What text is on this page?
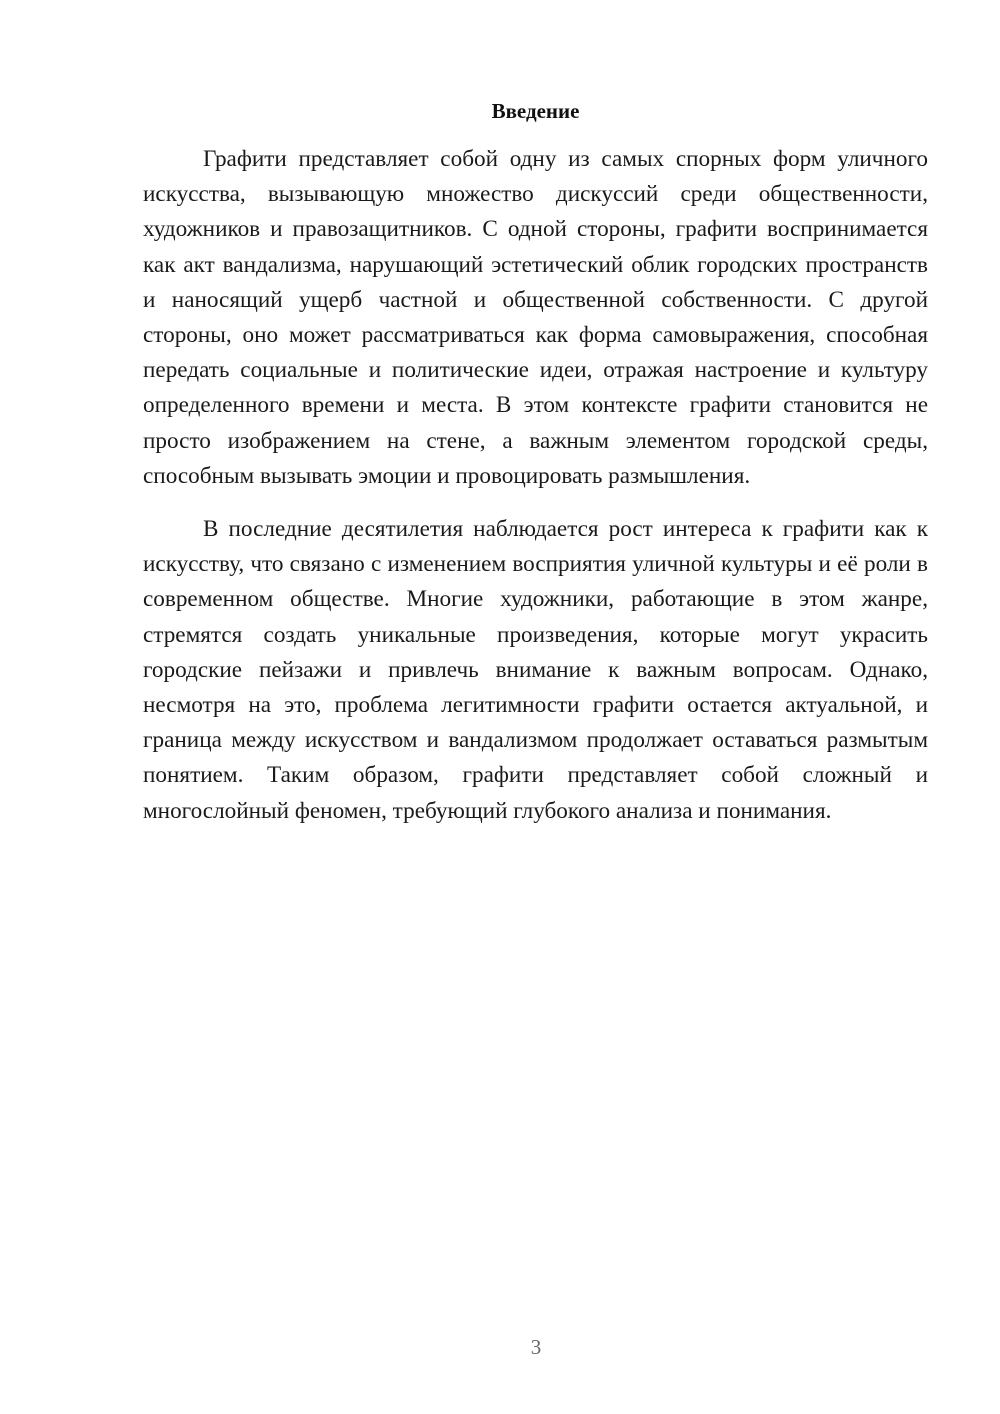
Введение

Графити представляет собой одну из самых спорных форм уличного искусства, вызывающую множество дискуссий среди общественности, художников и правозащитников. С одной стороны, графити воспринимается как акт вандализма, нарушающий эстетический облик городских пространств и наносящий ущерб частной и общественной собственности. С другой стороны, оно может рассматриваться как форма самовыражения, способная передать социальные и политические идеи, отражая настроение и культуру определенного времени и места. В этом контексте графити становится не просто изображением на стене, а важным элементом городской среды, способным вызывать эмоции и провоцировать размышления.

В последние десятилетия наблюдается рост интереса к графити как к искусству, что связано с изменением восприятия уличной культуры и её роли в современном обществе. Многие художники, работающие в этом жанре, стремятся создать уникальные произведения, которые могут украсить городские пейзажи и привлечь внимание к важным вопросам. Однако, несмотря на это, проблема легитимности графити остается актуальной, и граница между искусством и вандализмом продолжает оставаться размытым понятием. Таким образом, графити представляет собой сложный и многослойный феномен, требующий глубокого анализа и понимания.

3
